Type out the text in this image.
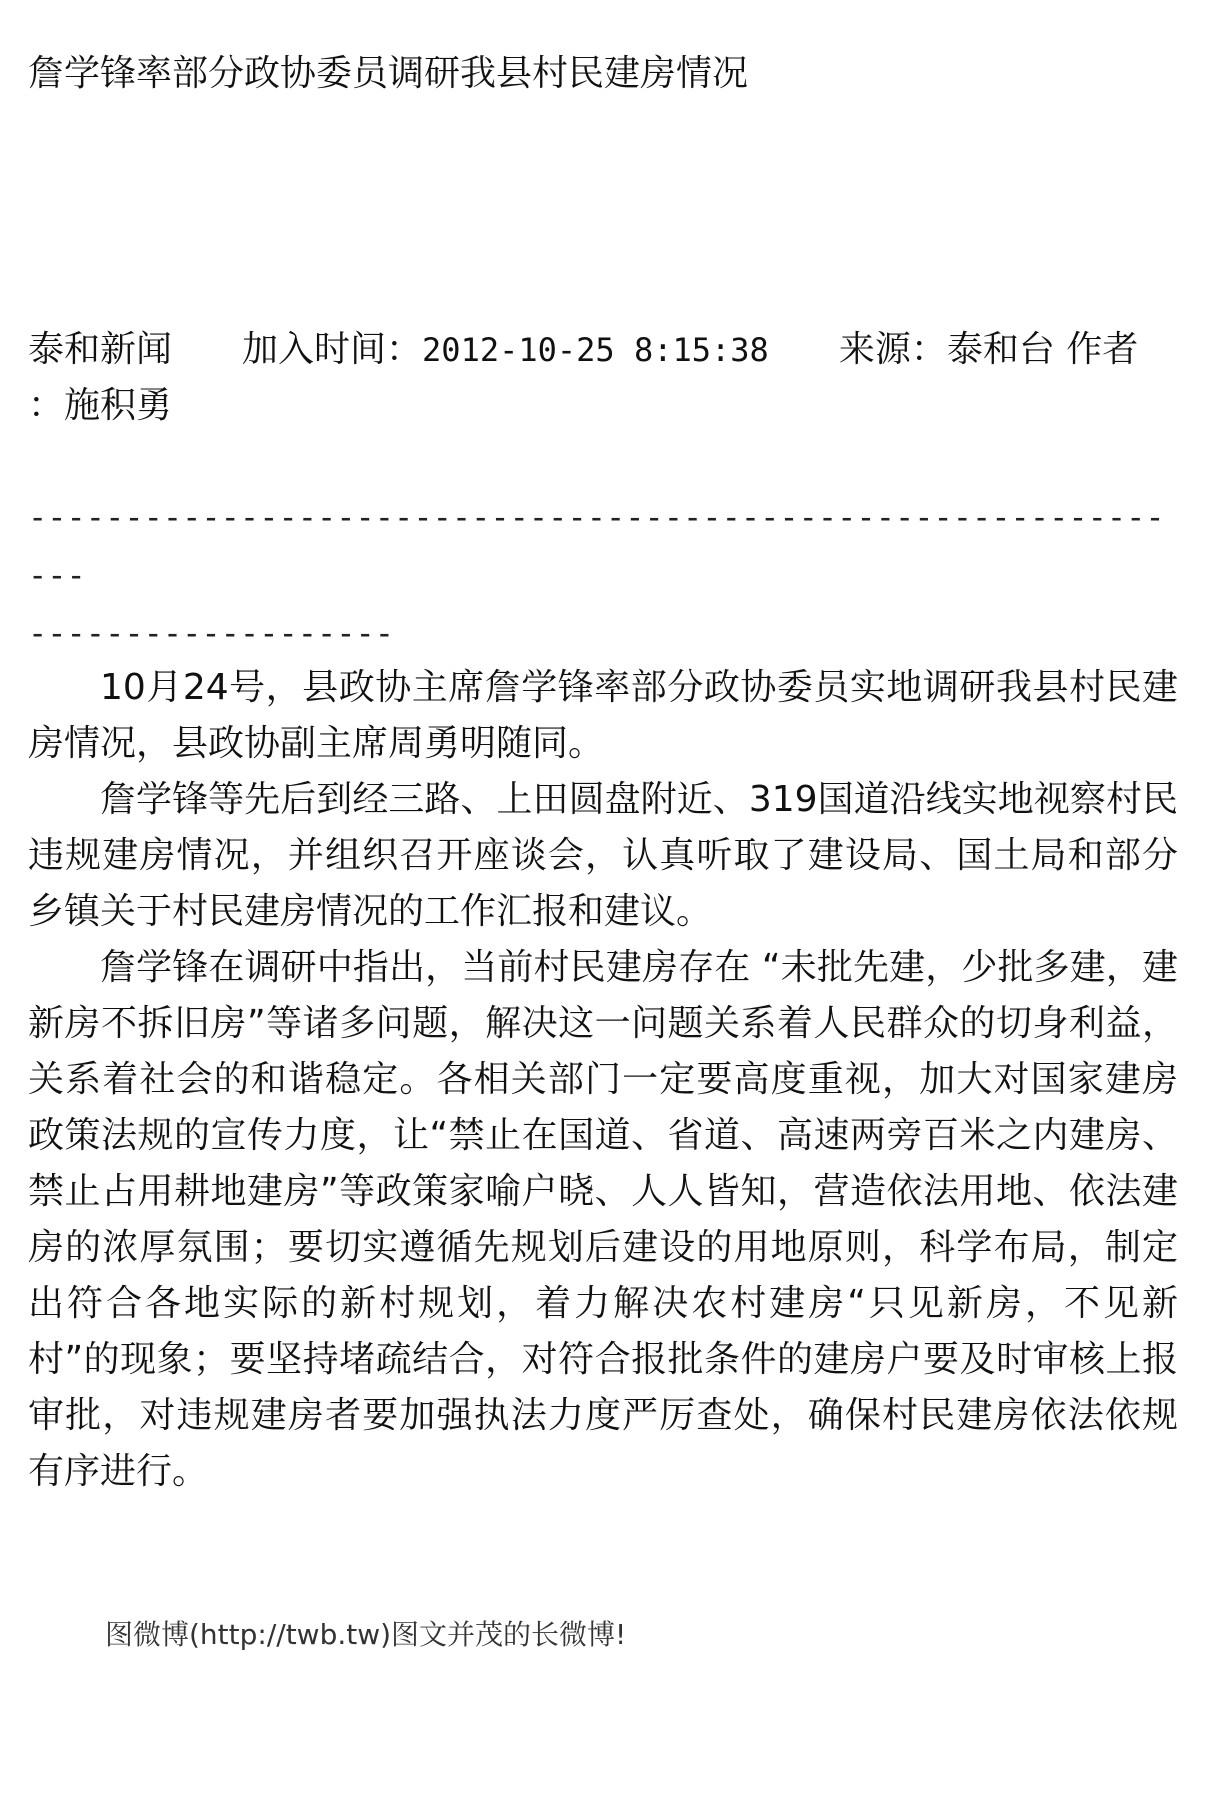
詹学锋率部分政协委员调研我县村民建房情况
泰和新闻 加入时间：2012-10-25 8:15:38 来源：泰和台 作者
：施积勇
--------------------------------------------------------------
-------------------

10月24号，县政协主席詹学锋率部分政协委员实地调研我县村民建房情况，县政协副主席周勇明随同。

詹学锋等先后到经三路、上田圆盘附近、319国道沿线实地视察村民违规建房情况，并组织召开座谈会，认真听取了建设局、国土局和部分乡镇关于村民建房情况的工作汇报和建议。

詹学锋在调研中指出，当前村民建房存在 “未批先建，少批多建，建新房不拆旧房”等诸多问题，解决这一问题关系着人民群众的切身利益，关系着社会的和谐稳定。各相关部门一定要高度重视，加大对国家建房政策法规的宣传力度，让“禁止在国道、省道、高速两旁百米之内建房、禁止占用耕地建房”等政策家喻户晓、人人皆知，营造依法用地、依法建房的浓厚氛围；要切实遵循先规划后建设的用地原则，科学布局，制定出符合各地实际的新村规划，着力解决农村建房“只见新房，不见新村”的现象；要坚持堵疏结合，对符合报批条件的建房户要及时审核上报审批，对违规建房者要加强执法力度严厉查处，确保村民建房依法依规有序进行。

图微博(http://twb.tw)图文并茂的长微博!
